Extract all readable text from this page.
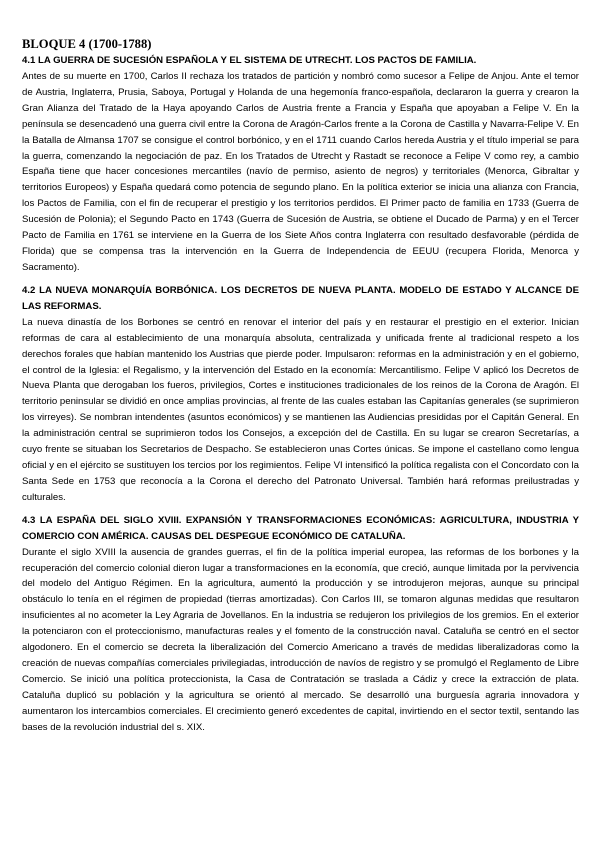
BLOQUE 4 (1700-1788)
4.1 LA GUERRA DE SUCESIÓN ESPAÑOLA Y EL SISTEMA DE UTRECHT. LOS PACTOS DE FAMILIA.

Antes de su muerte en 1700, Carlos II rechaza los tratados de partición y nombró como sucesor a Felipe de Anjou. Ante el temor de Austria, Inglaterra, Prusia, Saboya, Portugal y Holanda de una hegemonía franco-española, declararon la guerra y crearon la Gran Alianza del Tratado de la Haya apoyando Carlos de Austria frente a Francia y España que apoyaban a Felipe V. En la península se desencadenó una guerra civil entre la Corona de Aragón-Carlos frente a la Corona de Castilla y Navarra-Felipe V. En la Batalla de Almansa 1707 se consigue el control borbónico, y en el 1711 cuando Carlos hereda Austria y el título imperial se para la guerra, comenzando la negociación de paz. En los Tratados de Utrecht y Rastadt se reconoce a Felipe V como rey, a cambio España tiene que hacer concesiones mercantiles (navío de permiso, asiento de negros) y territoriales (Menorca, Gibraltar y territorios Europeos) y España quedará como potencia de segundo plano. En la política exterior se inicia una alianza con Francia, los Pactos de Familia, con el fin de recuperar el prestigio y los territorios perdidos. El Primer pacto de familia en 1733 (Guerra de Sucesión de Polonia); el Segundo Pacto en 1743 (Guerra de Sucesión de Austria, se obtiene el Ducado de Parma) y en el Tercer Pacto de Familia en 1761 se interviene en la Guerra de los Siete Años contra Inglaterra con resultado desfavorable (pérdida de Florida) que se compensa tras la intervención en la Guerra de Independencia de EEUU (recupera Florida, Menorca y Sacramento).

4.2 LA NUEVA MONARQUÍA BORBÓNICA. LOS DECRETOS DE NUEVA PLANTA. MODELO DE ESTADO Y ALCANCE DE LAS REFORMAS.

La nueva dinastía de los Borbones se centró en renovar el interior del país y en restaurar el prestigio en el exterior. Inician reformas de cara al establecimiento de una monarquía absoluta, centralizada y unificada frente al tradicional respeto a los derechos forales que habían mantenido los Austrias que pierde poder. Impulsaron: reformas en la administración y en el gobierno, el control de la Iglesia: el Regalismo, y la intervención del Estado en la economía: Mercantilismo. Felipe V aplicó los Decretos de Nueva Planta que derogaban los fueros, privilegios, Cortes e instituciones tradicionales de los reinos de la Corona de Aragón. El territorio peninsular se dividió en once amplias provincias, al frente de las cuales estaban las Capitanías generales (se suprimieron los virreyes). Se nombran intendentes (asuntos económicos) y se mantienen las Audiencias presididas por el Capitán General. En la administración central se suprimieron todos los Consejos, a excepción del de Castilla. En su lugar se crearon Secretarías, a cuyo frente se situaban los Secretarios de Despacho. Se establecieron unas Cortes únicas. Se impone el castellano como lengua oficial y en el ejército se sustituyen los tercios por los regimientos. Felipe VI intensificó la política regalista con el Concordato con la Santa Sede en 1753 que reconocía a la Corona el derecho del Patronato Universal. También hará reformas preilustradas y culturales.

4.3 LA ESPAÑA DEL SIGLO XVIII. EXPANSIÓN Y TRANSFORMACIONES ECONÓMICAS: AGRICULTURA, INDUSTRIA Y COMERCIO CON AMÉRICA. CAUSAS DEL DESPEGUE ECONÓMICO DE CATALUÑA.

Durante el siglo XVIII la ausencia de grandes guerras, el fin de la política imperial europea, las reformas de los borbones y la recuperación del comercio colonial dieron lugar a transformaciones en la economía, que creció, aunque limitada por la pervivencia del modelo del Antiguo Régimen. En la agricultura, aumentó la producción y se introdujeron mejoras, aunque su principal obstáculo lo tenía en el régimen de propiedad (tierras amortizadas). Con Carlos III, se tomaron algunas medidas que resultaron insuficientes al no acometer la Ley Agraria de Jovellanos. En la industria se redujeron los privilegios de los gremios. En el exterior la potenciaron con el proteccionismo, manufacturas reales y el fomento de la construcción naval. Cataluña se centró en el sector algodonero. En el comercio se decreta la liberalización del Comercio Americano a través de medidas liberalizadoras como la creación de nuevas compañías comerciales privilegiadas, introducción de navíos de registro y se promulgó el Reglamento de Libre Comercio. Se inició una política proteccionista, la Casa de Contratación se traslada a Cádiz y crece la extracción de plata. Cataluña duplicó su población y la agricultura se orientó al mercado. Se desarrolló una burguesía agraria innovadora y aumentaron los intercambios comerciales. El crecimiento generó excedentes de capital, invirtiendo en el sector textil, sentando las bases de la revolución industrial del s. XIX.
